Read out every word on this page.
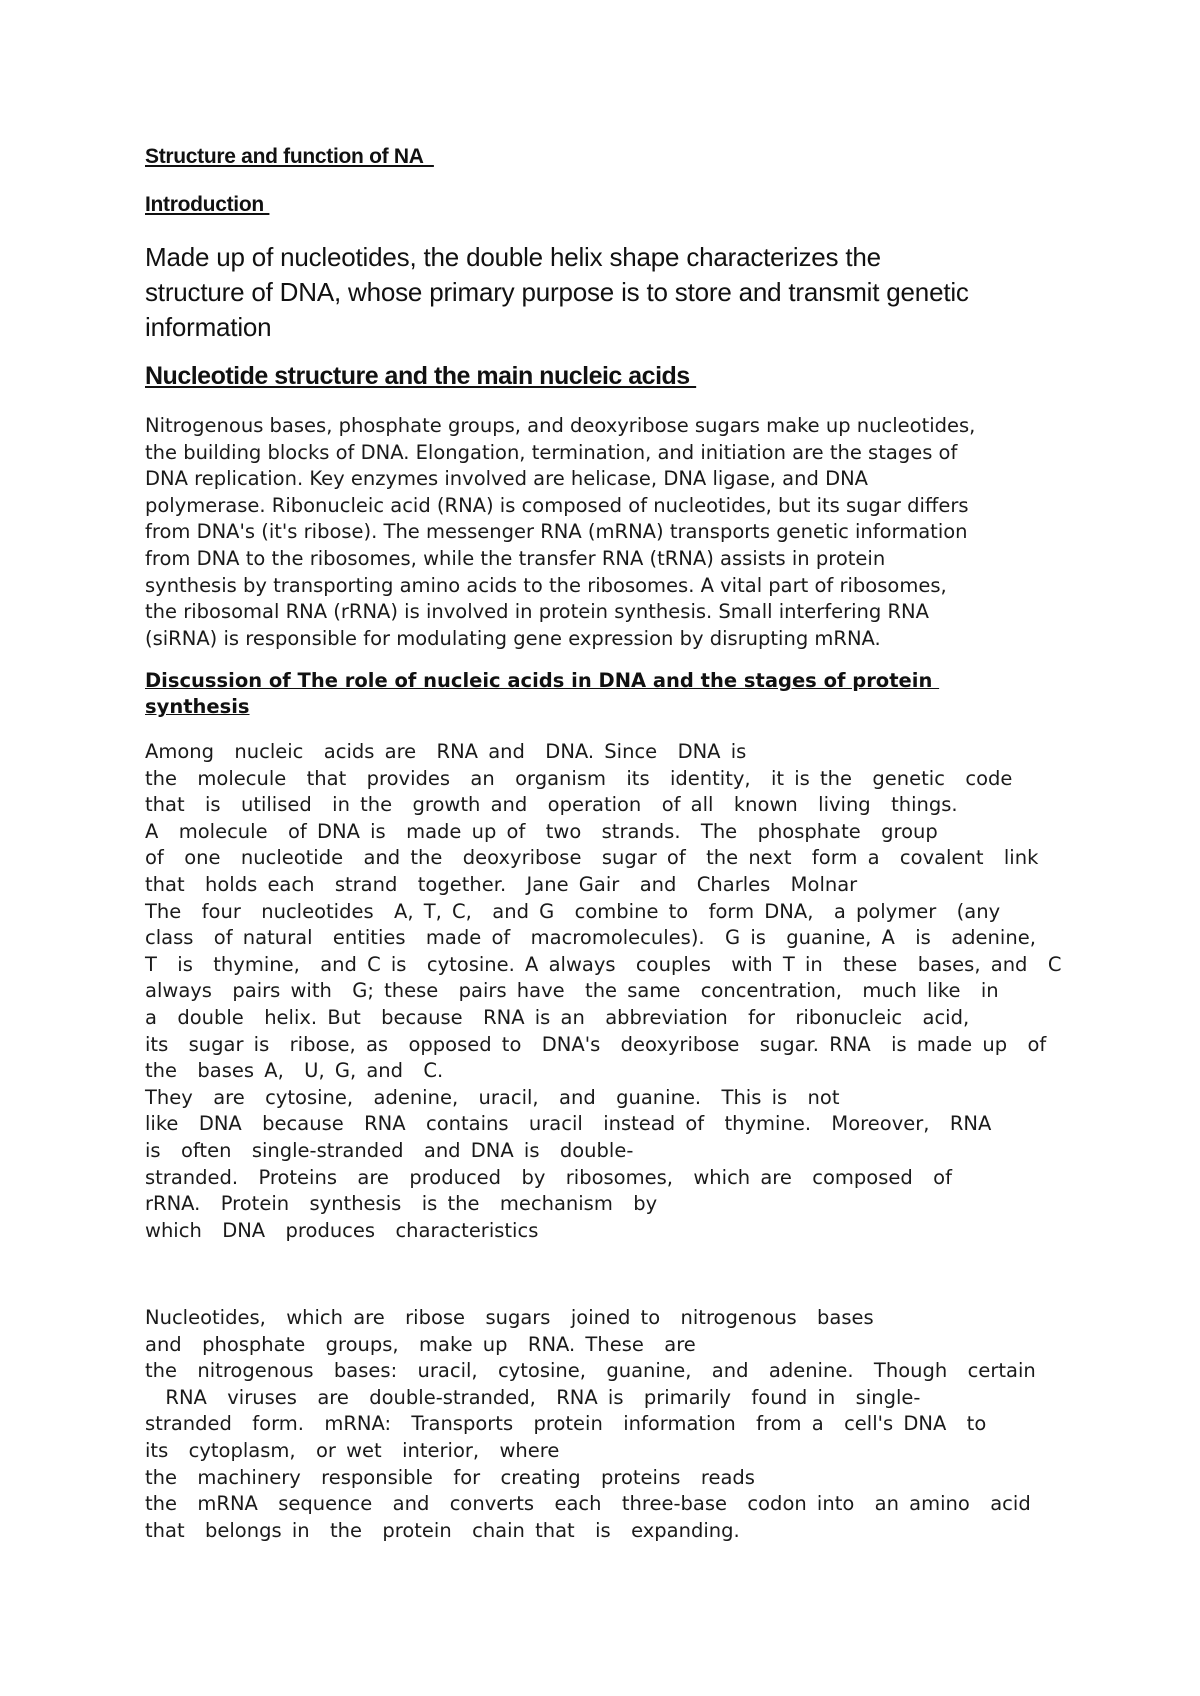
Structure and function of NA
Introduction
Made up of nucleotides, the double helix shape characterizes the
structure of DNA, whose primary purpose is to store and transmit genetic
information
Nucleotide structure and the main nucleic acids
Nitrogenous bases, phosphate groups, and deoxyribose sugars make up nucleotides,
the building blocks of DNA. Elongation, termination, and initiation are the stages of
DNA replication. Key enzymes involved are helicase, DNA ligase, and DNA
polymerase. Ribonucleic acid (RNA) is composed of nucleotides, but its sugar differs
from DNA's (it's ribose). The messenger RNA (mRNA) transports genetic information
from DNA to the ribosomes, while the transfer RNA (tRNA) assists in protein
synthesis by transporting amino acids to the ribosomes. A vital part of ribosomes,
the ribosomal RNA (rRNA) is involved in protein synthesis. Small interfering RNA
(siRNA) is responsible for modulating gene expression by disrupting mRNA.
Discussion of The role of nucleic acids in DNA and the stages of protein
synthesis
Among  nucleic  acids are  RNA and  DNA. Since  DNA is
the  molecule  that  provides  an  organism  its  identity,  it is the  genetic  code
that  is  utilised  in the  growth and  operation  of all  known  living  things.
A  molecule  of DNA is  made up of  two  strands.  The  phosphate  group
of  one  nucleotide  and the  deoxyribose  sugar of  the next  form a  covalent  link
that  holds each  strand  together.  Jane Gair  and  Charles  Molnar
The  four  nucleotides  A, T, C,  and G  combine to  form DNA,  a polymer  (any
class  of natural  entities  made of  macromolecules).  G is  guanine, A  is  adenine,
T  is  thymine,  and C is  cytosine. A always  couples  with T in  these  bases, and  C
always  pairs with  G; these  pairs have  the same  concentration,  much like  in
a  double  helix. But  because  RNA is an  abbreviation  for  ribonucleic  acid,
its  sugar is  ribose, as  opposed to  DNA's  deoxyribose  sugar. RNA  is made up  of
the  bases A,  U, G, and  C.
They  are  cytosine,  adenine,  uracil,  and  guanine.  This is  not
like  DNA  because  RNA  contains  uracil  instead of  thymine.  Moreover,  RNA
is  often  single-stranded  and DNA is  double-
stranded.  Proteins  are  produced  by  ribosomes,  which are  composed  of
rRNA.  Protein  synthesis  is the  mechanism  by
which  DNA  produces  characteristics
Nucleotides,  which are  ribose  sugars  joined to  nitrogenous  bases
and  phosphate  groups,  make up  RNA. These  are
the  nitrogenous  bases:  uracil,  cytosine,  guanine,  and  adenine.  Though  certain
RNA  viruses  are  double-stranded,  RNA is  primarily  found in  single-
stranded  form.  mRNA:  Transports  protein  information  from a  cell's DNA  to
its  cytoplasm,  or wet  interior,  where
the  machinery  responsible  for  creating  proteins  reads
the  mRNA  sequence  and  converts  each  three-base  codon into  an amino  acid
that  belongs in  the  protein  chain that  is  expanding.
